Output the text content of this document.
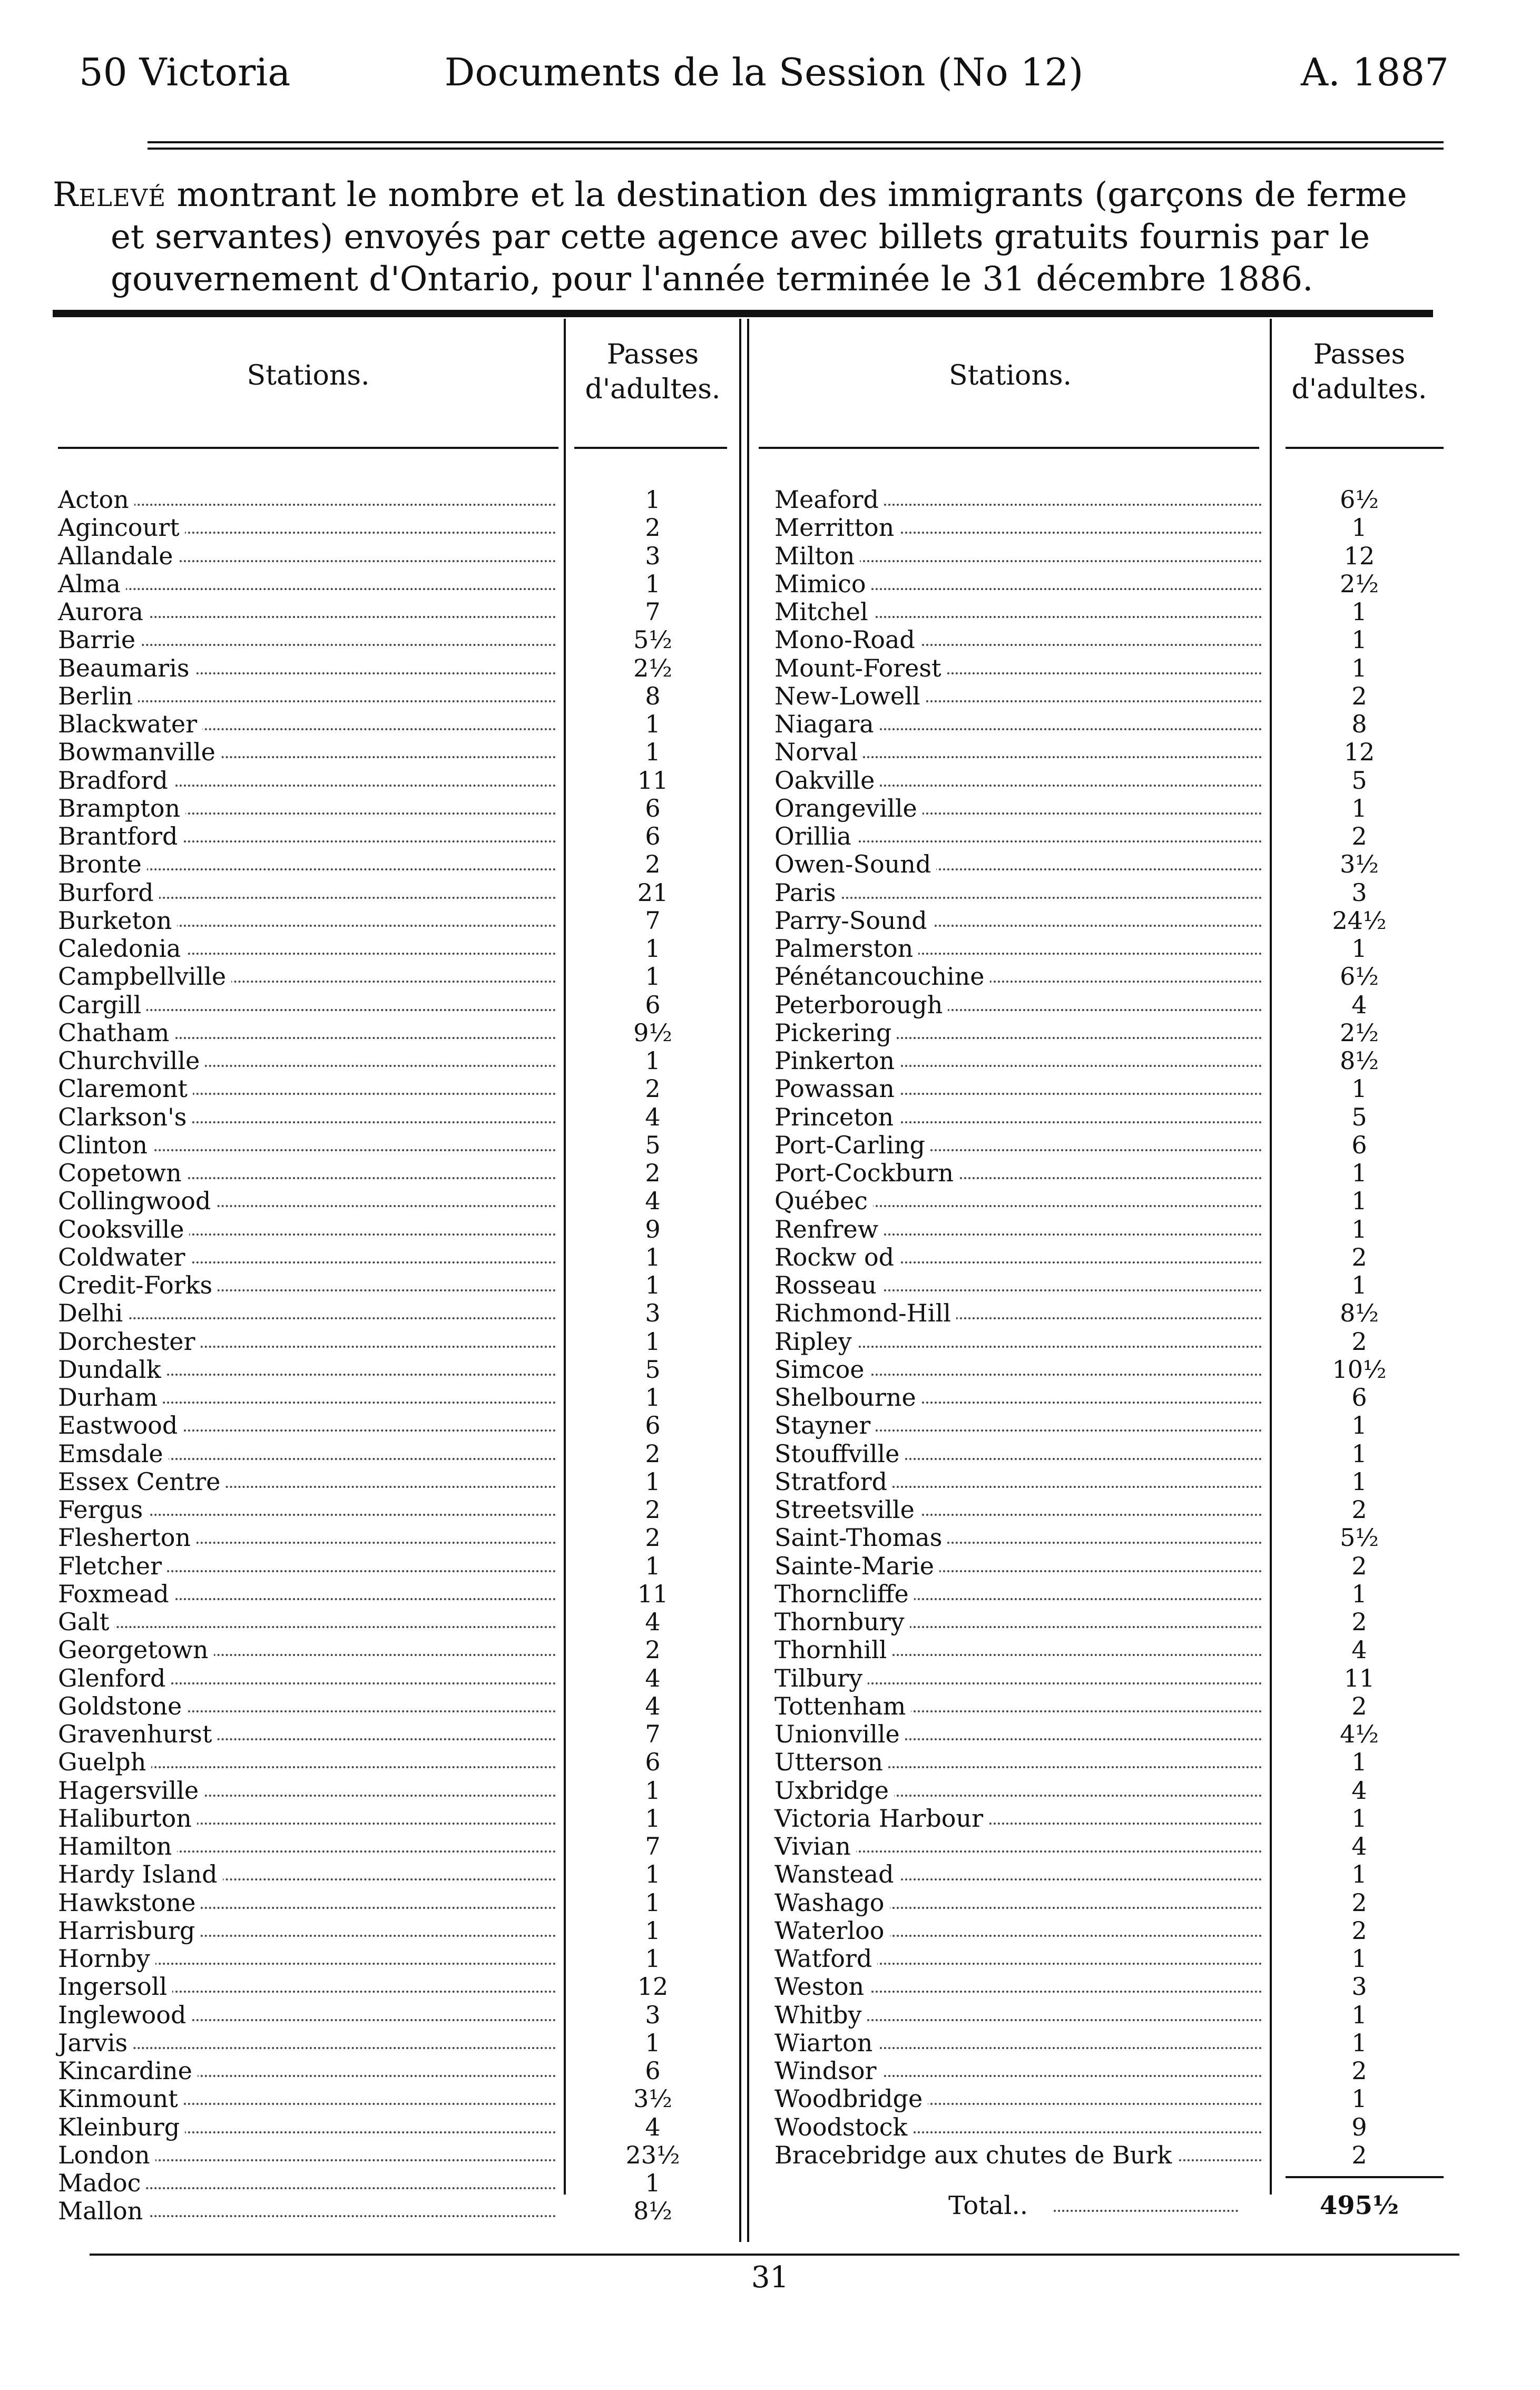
50 Victoria	Documents de la Session (No 12)	A. 1887

Relevé montrant le nombre et la destination des immigrants (garçons de ferme et servantes) envoyés par cette agence avec billets gratuits fournis par le gouvernement d'Ontario, pour l'année terminée le 31 décembre 1886.

Stations.
Passes d'adultes.	Stations.
Passes d'adultes.
Acton	1
Agincourt	2
Allandale	3
Alma	1
Aurora	7
Barrie	5½
Beaumaris	2½
Berlin	8
Blackwater	1
Bowmanville	1
Bradford	11
Brampton	6
Brantford	6
Bronte	2
Burford	21
Burketon	7
Caledonia	1
Campbellville	1
Cargill	6
Chatham	9½
Churchville	1
Claremont	2
Clarkson's	4
Clinton	5
Copetown	2
Collingwood	4
Cooksville	9
Coldwater	1
Credit-Forks	1
Delhi	3
Dorchester	1
Dundalk	5
Durham	1
Eastwood	6
Emsdale	2
Essex Centre	1
Fergus	2
Flesherton	2
Fletcher	1
Foxmead	11
Galt	4
Georgetown	2
Glenford	4
Goldstone	4
Gravenhurst	7
Guelph	6
Hagersville	1
Haliburton	1
Hamilton	7
Hardy Island	1
Hawkstone	1
Harrisburg	1
Hornby	1
Ingersoll	12
Inglewood	3
Jarvis	1
Kincardine	6
Kinmount	3½
Kleinburg	4
London	23½
Madoc	1
Mallon	8½
Meaford	6½
Merritton	1
Milton	12
Mimico	2½
Mitchel	1
Mono-Road	1
Mount-Forest	1
New-Lowell	2
Niagara	8
Norval	12
Oakville	5
Orangeville	1
Orillia	2
Owen-Sound	3½
Paris	3
Parry-Sound	24½
Palmerston	1
Pénétancouchine	6½
Peterborough	4
Pickering	2½
Pinkerton	8½
Powassan	1
Princeton	5
Port-Carling	6
Port-Cockburn	1
Québec	1
Renfrew	1
Rockw od	2
Rosseau	1
Richmond-Hill	8½
Ripley	2
Simcoe	10½
Shelbourne	6
Stayner	1
Stouffville	1
Stratford	1
Streetsville	2
Saint-Thomas	5½
Sainte-Marie	2
Thorncliffe	1
Thornbury	2
Thornhill	4
Tilbury	11
Tottenham	2
Unionville	4½
Utterson	1
Uxbridge	4
Victoria Harbour	1
Vivian	4
Wanstead	1
Washago	2
Waterloo	2
Watford	1
Weston	3
Whitby	1
Wiarton	1
Windsor	2
Woodbridge	1
Woodstock	9
Bracebridge aux chutes de Burk	2
Total..	495½
31
